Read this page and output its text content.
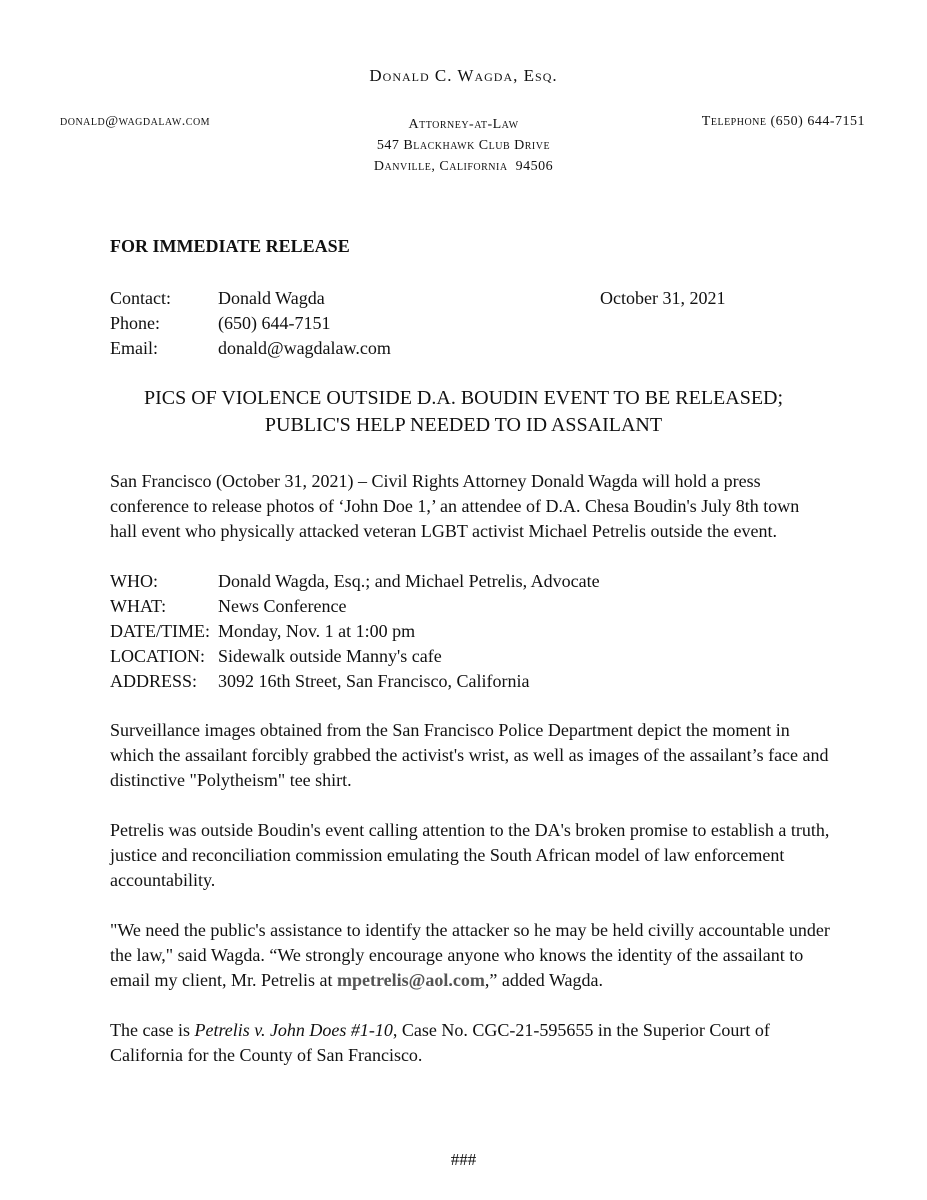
Donald C. Wagda, Esq.
donald@wagdalaw.com	Attorney-at-Law
547 Blackhawk Club Drive
Danville, California  94506
Telephone (650) 644-7151
FOR IMMEDIATE RELEASE
Contact:	Donald Wagda
Phone:	(650) 644-7151
Email:	donald@wagdalaw.com
October 31, 2021
PICS OF VIOLENCE OUTSIDE D.A. BOUDIN EVENT TO BE RELEASED;
PUBLIC'S HELP NEEDED TO ID ASSAILANT
San Francisco (October 31, 2021) – Civil Rights Attorney Donald Wagda will hold a press conference to release photos of ‘John Doe 1,’ an attendee of D.A. Chesa Boudin's July 8th town hall event who physically attacked veteran LGBT activist Michael Petrelis outside the event.
WHO:	Donald Wagda, Esq.; and Michael Petrelis, Advocate
WHAT:	News Conference
DATE/TIME: Monday, Nov. 1 at 1:00 pm
LOCATION: Sidewalk outside Manny's cafe
ADDRESS:	3092 16th Street, San Francisco, California
Surveillance images obtained from the San Francisco Police Department depict the moment in which the assailant forcibly grabbed the activist's wrist, as well as images of the assailant’s face and distinctive "Polytheism" tee shirt.
Petrelis was outside Boudin's event calling attention to the DA's broken promise to establish a truth, justice and reconciliation commission emulating the South African model of law enforcement accountability.
"We need the public's assistance to identify the attacker so he may be held civilly accountable under the law," said Wagda. “We strongly encourage anyone who knows the identity of the assailant to email my client, Mr. Petrelis at mpetrelis@aol.com,” added Wagda.
The case is Petrelis v. John Does #1-10, Case No. CGC-21-595655 in the Superior Court of California for the County of San Francisco.
###
